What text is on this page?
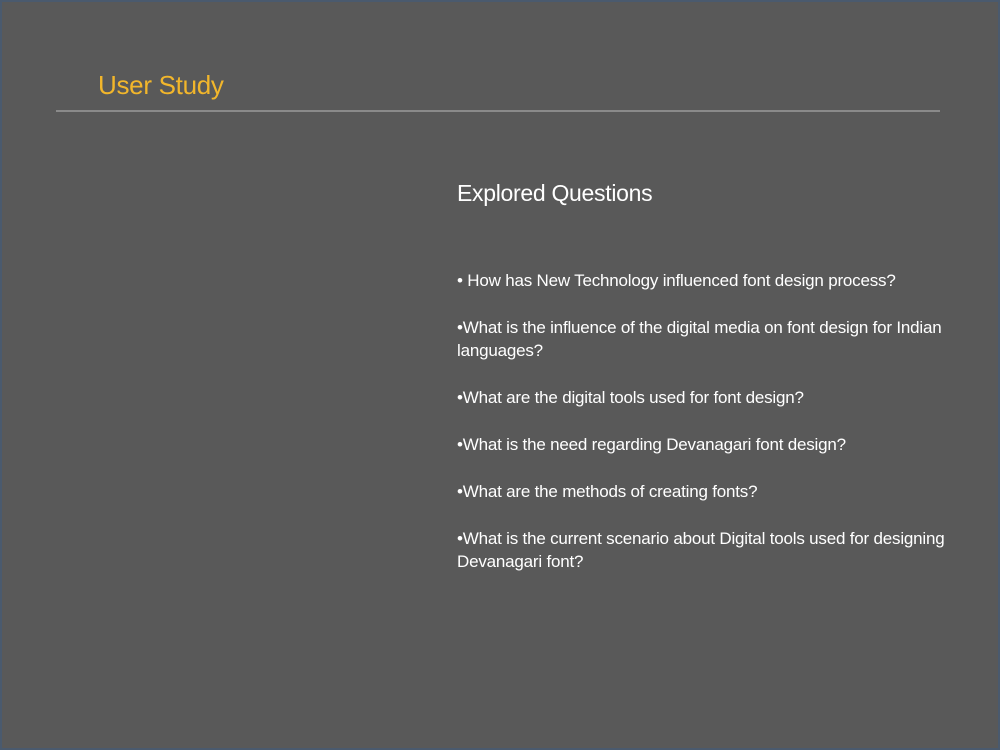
User Study
Explored Questions
• How has New Technology influenced font design process?
•What is the influence of the digital media on font design for Indian languages?
•What are the digital tools used for font design?
•What is the need regarding Devanagari font design?
•What are the methods of creating fonts?
•What is the current scenario about Digital tools used for designing Devanagari font?
